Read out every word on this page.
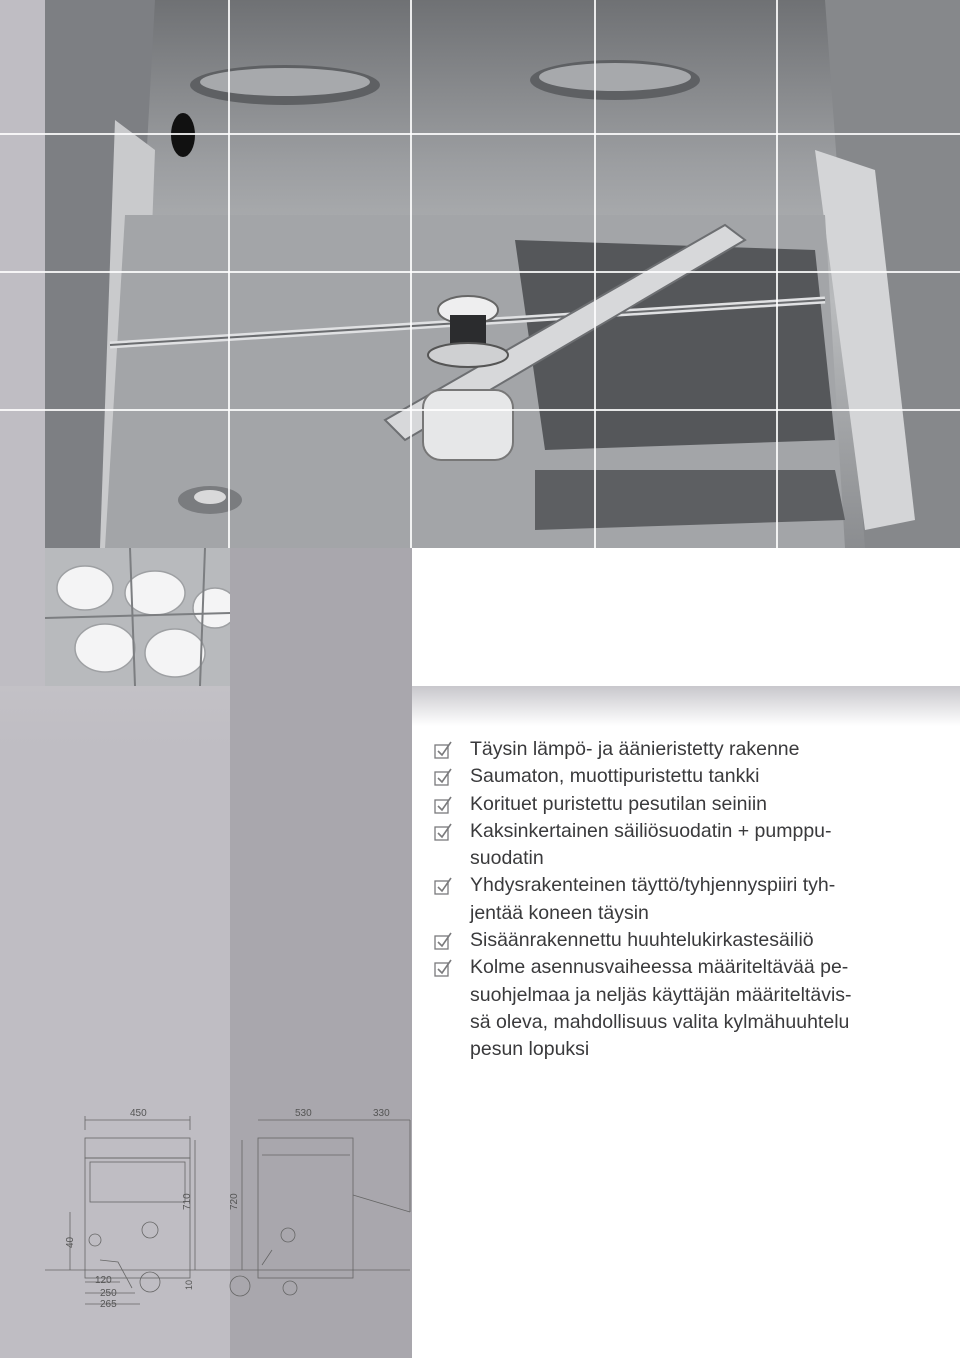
Täysin lämpö- ja äänieristetty rakenne
Saumaton, muottipuristettu tankki
Korituet puristettu pesutilan seiniin
Kaksinkertainen säiliösuodatin + pumppu-
suodatin
Yhdysrakenteinen täyttö/tyhjennyspiiri tyh-
jentää koneen täysin
Sisäänrakennettu huuhtelukirkastesäiliö
Kolme asennusvaiheessa määriteltävää pe-
suohjelmaa ja neljäs käyttäjän määriteltävis-
sä oleva, mahdollisuus valita kylmähuuhtelu
pesun lopuksi
450	530	330
710	720
40
10
120
250
265
